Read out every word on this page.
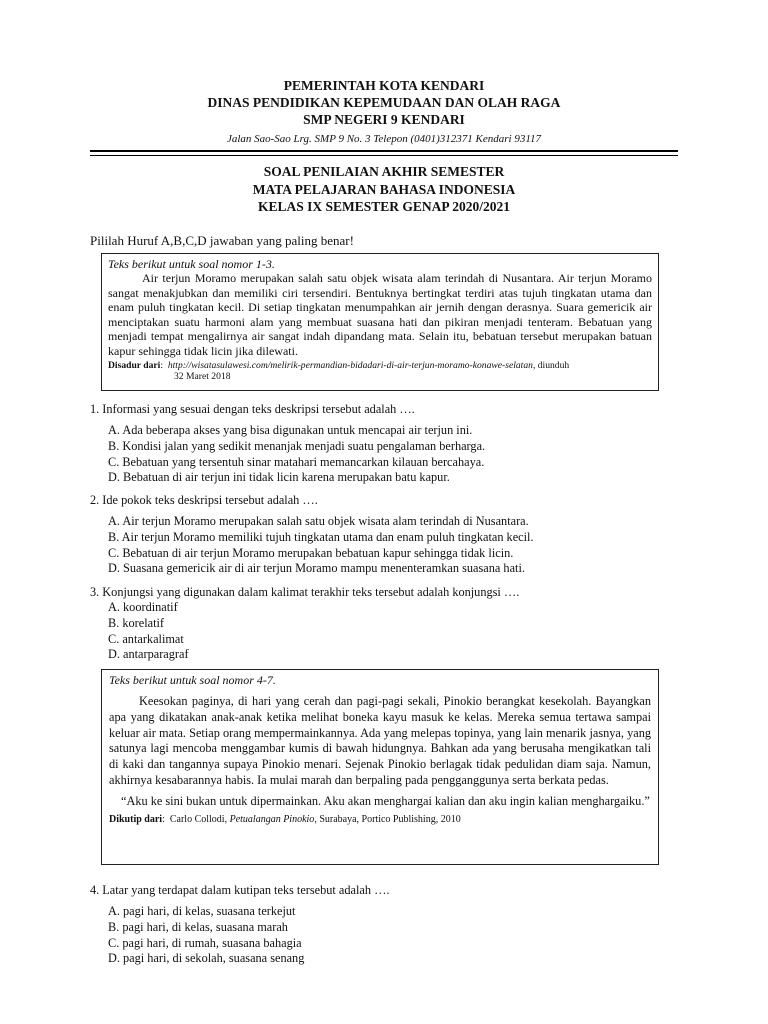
PEMERINTAH KOTA KENDARI
DINAS PENDIDIKAN KEPEMUDAAN DAN OLAH RAGA
SMP NEGERI 9 KENDARI
Jalan Sao-Sao Lrg. SMP 9 No. 3 Telepon (0401)312371 Kendari 93117
SOAL PENILAIAN AKHIR SEMESTER
MATA PELAJARAN BAHASA INDONESIA
KELAS IX SEMESTER GENAP 2020/2021
Pililah Huruf A,B,C,D jawaban yang paling benar!
Teks berikut untuk soal nomor 1-3.
Air terjun Moramo merupakan salah satu objek wisata alam terindah di Nusantara. Air terjun Moramo sangat menakjubkan dan memiliki ciri tersendiri. Bentuknya bertingkat terdiri atas tujuh tingkatan utama dan enam puluh tingkatan kecil. Di setiap tingkatan menumpahkan air jernih dengan derasnya. Suara gemericik air menciptakan suatu harmoni alam yang membuat suasana hati dan pikiran menjadi tenteram. Bebatuan yang menjadi tempat mengalirnya air sangat indah dipandang mata. Selain itu, bebatuan tersebut merupakan batuan kapur sehingga tidak licin jika dilewati.
Disadur dari:  http://wisatasulawesi.com/melirik-permandian-bidadari-di-air-terjun-moramo-konawe-selatan, diunduh
32 Maret 2018
1. Informasi yang sesuai dengan teks deskripsi tersebut adalah ….
A. Ada beberapa akses yang bisa digunakan untuk mencapai air terjun ini.
B. Kondisi jalan yang sedikit menanjak menjadi suatu pengalaman berharga.
C. Bebatuan yang tersentuh sinar matahari memancarkan kilauan bercahaya.
D. Bebatuan di air terjun ini tidak licin karena merupakan batu kapur.
2. Ide pokok teks deskripsi tersebut adalah ….
A. Air terjun Moramo merupakan salah satu objek wisata alam terindah di Nusantara.
B. Air terjun Moramo memiliki tujuh tingkatan utama dan enam puluh tingkatan kecil.
C. Bebatuan di air terjun Moramo merupakan bebatuan kapur sehingga tidak licin.
D. Suasana gemericik air di air terjun Moramo mampu menenteramkan suasana hati.
3. Konjungsi yang digunakan dalam kalimat terakhir teks tersebut adalah konjungsi ….
A. koordinatif
B. korelatif
C. antarkalimat
D. antarparagraf
Teks berikut untuk soal nomor 4-7.
Keesokan paginya, di hari yang cerah dan pagi-pagi sekali, Pinokio berangkat kesekolah. Bayangkan apa yang dikatakan anak-anak ketika melihat boneka kayu masuk ke kelas. Mereka semua tertawa sampai keluar air mata. Setiap orang mempermainkannya. Ada yang melepas topinya, yang lain menarik jasnya, yang satunya lagi mencoba menggambar kumis di bawah hidungnya. Bahkan ada yang berusaha mengikatkan tali di kaki dan tangannya supaya Pinokio menari. Sejenak Pinokio berlagak tidak pedulidan diam saja. Namun, akhirnya kesabarannya habis. Ia mulai marah dan berpaling pada pengganggunya serta berkata pedas.
“Aku ke sini bukan untuk dipermainkan. Aku akan menghargai kalian dan aku ingin kalian menghargaiku.”
Dikutip dari:  Carlo Collodi, Petualangan Pinokio, Surabaya, Portico Publishing, 2010
4. Latar yang terdapat dalam kutipan teks tersebut adalah ….
A. pagi hari, di kelas, suasana terkejut
B. pagi hari, di kelas, suasana marah
C. pagi hari, di rumah, suasana bahagia
D. pagi hari, di sekolah, suasana senang
